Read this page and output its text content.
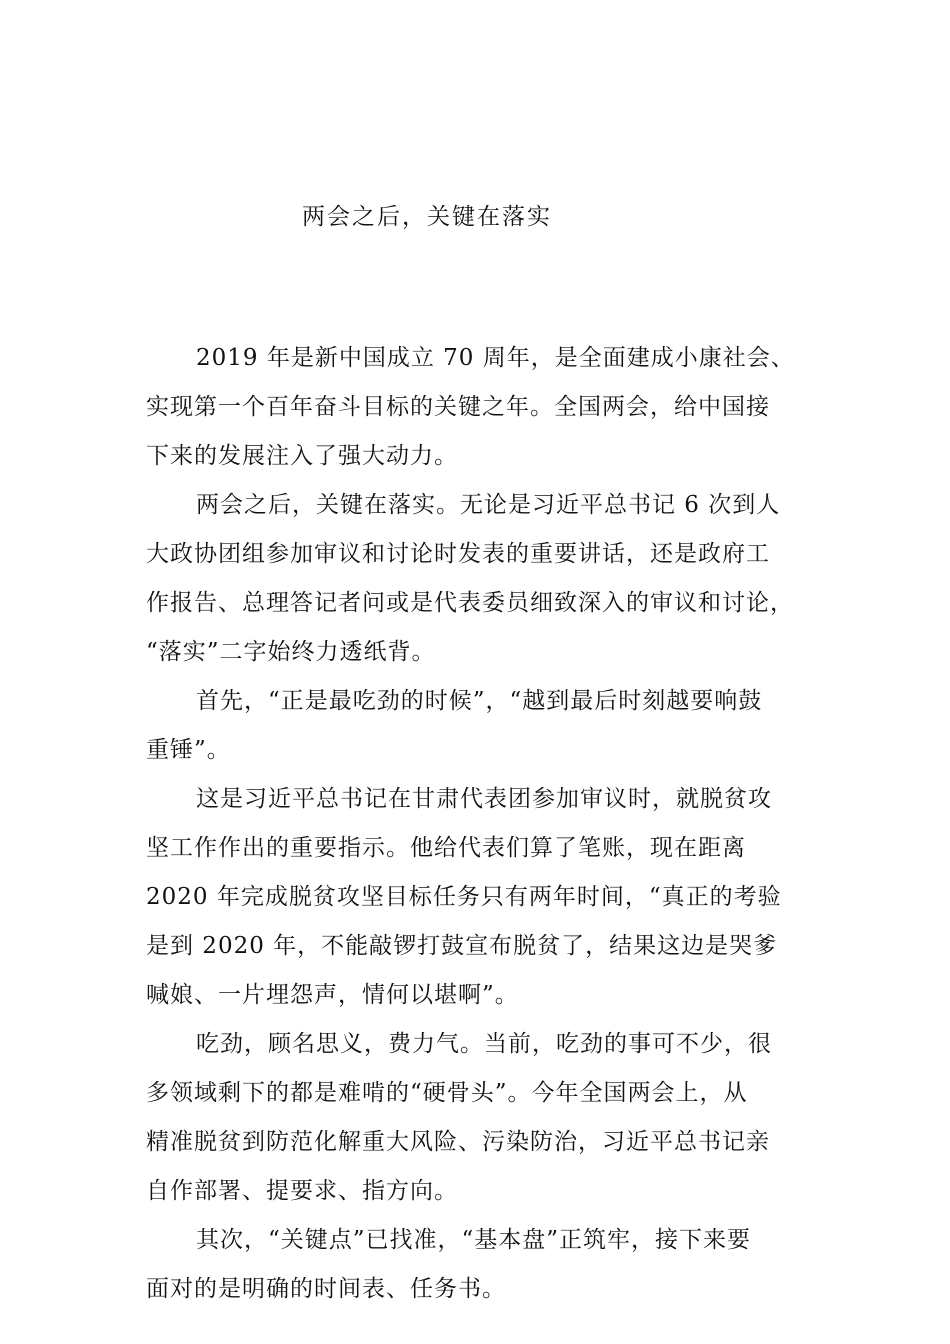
两会之后，关键在落实
2019 年是新中国成立 70 周年，是全面建成小康社会、
实现第一个百年奋斗目标的关键之年。全国两会，给中国接
下来的发展注入了强大动力。
两会之后，关键在落实。无论是习近平总书记 6 次到人
大政协团组参加审议和讨论时发表的重要讲话，还是政府工
作报告、总理答记者问或是代表委员细致深入的审议和讨论，
“落实”二字始终力透纸背。
首先，“正是最吃劲的时候”，“越到最后时刻越要响鼓
重锤”。
这是习近平总书记在甘肃代表团参加审议时，就脱贫攻
坚工作作出的重要指示。他给代表们算了笔账，现在距离
2020 年完成脱贫攻坚目标任务只有两年时间，“真正的考验
是到 2020 年，不能敲锣打鼓宣布脱贫了，结果这边是哭爹
喊娘、一片埋怨声，情何以堪啊”。
吃劲，顾名思义，费力气。当前，吃劲的事可不少，很
多领域剩下的都是难啃的“硬骨头”。今年全国两会上，从
精准脱贫到防范化解重大风险、污染防治，习近平总书记亲
自作部署、提要求、指方向。
其次，“关键点”已找准，“基本盘”正筑牢，接下来要
面对的是明确的时间表、任务书。
